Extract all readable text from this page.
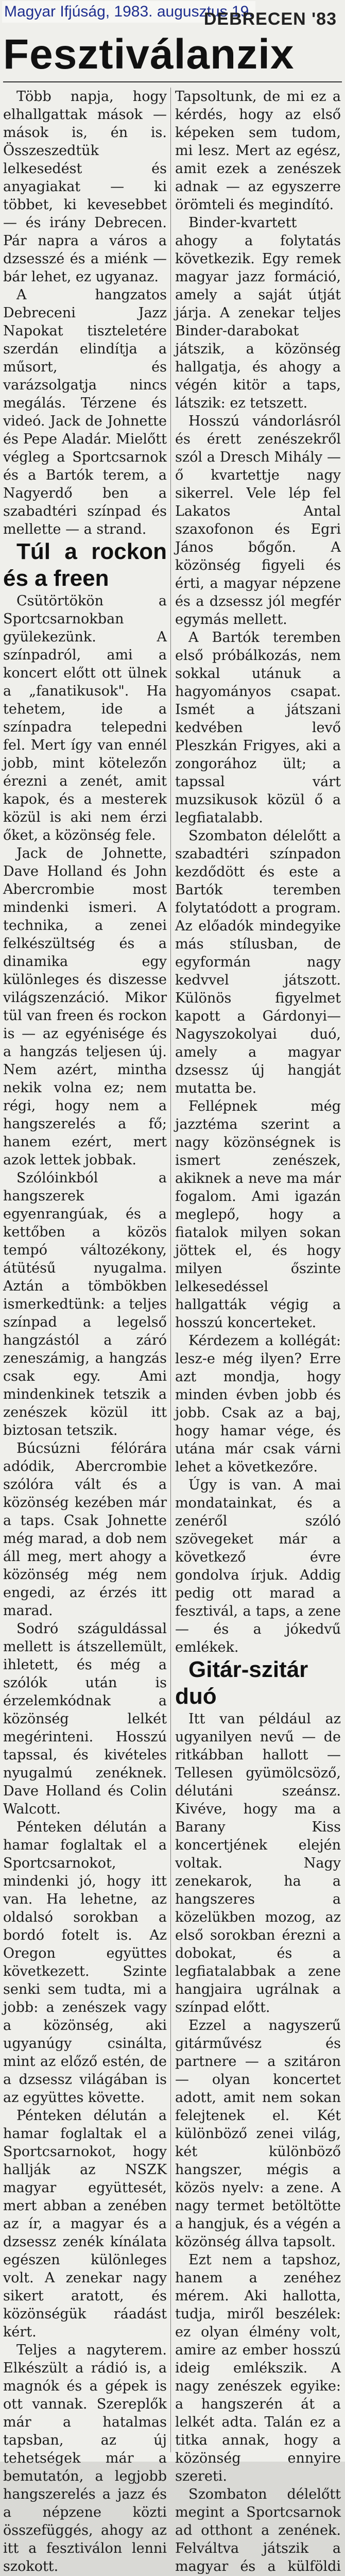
Magyar Ifjúság, 1983. augusztus 19.
DEBRECEN '83
Fesztiválanzix

Több napja, hogy elhallgattak mások — mások is, én is. Összeszedtük lelkesedést és anyagiakat — ki többet, ki kevesebbet — és irány Debrecen. Pár napra a város a dzsesszé és a miénk — bár lehet, ez ugyanaz.

A hangzatos Debreceni Jazz Napokat tiszteletére szerdán elindítja a műsort, és varázsolgatja nincs megálás. Térzene és videó. Jack de Johnette és Pepe Aladár. Mielőtt végleg a Sportcsarnok és a Bartók terem, a Nagyerdő ben a szabadtéri színpad és mellette — a strand.

Túl a rockon és a freen

Csütörtökön a Sportcsarnokban gyülekezünk. A színpadról, ami a koncert előtt ott ülnek a „fanatikusok". Ha tehetem, ide a színpadra telepedni fel. Mert így van ennél jobb, mint kötelezőn érezni a zenét, amit kapok, és a mesterek közül is aki nem érzi őket, a közönség fele.

Jack de Johnette, Dave Holland és John Abercrombie most mindenki ismeri. A technika, a zenei felkészültség és a dinamika egy különleges és diszesse világszenzáció. Mikor tül van freen és rockon is — az egyénisége és a hangzás teljesen új. Nem azért, mintha nekik volna ez; nem régi, hogy nem a hangszerelés a fő; hanem ezért, mert azok lettek jobbak.

Szólóinkból a hangszerek egyenrangúak, és a kettőben a közös tempó változékony, átütésű nyugalma. Aztán a tömbökben ismerkedtünk: a teljes színpad a legelső hangzástól a záró zeneszámig, a hangzás csak egy. Ami mindenkinek tetszik a zenészek közül itt biztosan tetszik.

Búcsúzni félórára adódik, Abercrombie szólóra vált és a közönség kezében már a taps. Csak Johnette még marad, a dob nem áll meg, mert ahogy a közönség még nem engedi, az érzés itt marad.

Sodró száguldással mellett is átszellemült, ihletett, és még a szólók után is érzelemkódnak a közönség lelkét megérinteni. Hosszú tapssal, és kivételes nyugalmú zenéknek. Dave Holland és Colin Walcott.

Pénteken délután a hamar foglaltak el a Sportcsarnokot, mindenki jó, hogy itt van. Ha lehetne, az oldalsó sorokban a bordó fotelt is. Az Oregon együttes következett. Szinte senki sem tudta, mi a jobb: a zenészek vagy a közönség, aki ugyanúgy csinálta, mint az előző estén, de a dzsessz világában is az együttes követte.

Pénteken délután a hamar foglaltak el a Sportcsarnokot, hogy hallják az NSZK magyar együttesét, mert abban a zenében az ír, a magyar és a dzsessz zenék kínálata egészen különleges volt. A zenekar nagy sikert aratott, és közönségük ráadást kért.

Teljes a nagyterem. Elkészült a rádió is, a magnók és a gépek is ott vannak. Szereplők már a hatalmas tapsban, az új tehetségek már a bemutatón, a legjobb hangszerelés a jazz és a népzene közti összefüggés, ahogy az itt a fesztiválon lenni szokott.

Tapsoltunk, de mi ez a kérdés, hogy az első képeken sem tudom, mi lesz. Mert az egész, amit ezek a zenészek adnak — az egyszerre örömteli és megindító.

Binder-kvartett ahogy a folytatás következik. Egy remek magyar jazz formáció, amely a saját útját járja. A zenekar teljes Binder-darabokat játszik, a közönség hallgatja, és ahogy a végén kitör a taps, látszik: ez tetszett.

Hosszú vándorlásról és érett zenészekről szól a Dresch Mihály — ő kvartettje nagy sikerrel. Vele lép fel Lakatos Antal szaxofonon és Egri János bőgőn. A közönség figyeli és érti, a magyar népzene és a dzsessz jól megfér egymás mellett.

A Bartók teremben első próbálkozás, nem sokkal utánuk a hagyományos csapat. Ismét a játszani kedvében levő Pleszkán Frigyes, aki a zongorához ült; a tapssal várt muzsikusok közül ő a legfiatalabb.

Szombaton délelőtt a szabadtéri színpadon kezdődött és este a Bartók teremben folytatódott a program. Az előadók mindegyike más stílusban, de egyformán nagy kedvvel játszott. Különös figyelmet kapott a Gárdonyi—Nagyszokolyai duó, amely a magyar dzsessz új hangját mutatta be.

Fellépnek még jazztéma szerint a nagy közönségnek is ismert zenészek, akiknek a neve ma már fogalom. Ami igazán meglepő, hogy a fiatalok milyen sokan jöttek el, és hogy milyen őszinte lelkesedéssel hallgatták végig a hosszú koncerteket.

Kérdezem a kollégát: lesz-e még ilyen? Erre azt mondja, hogy minden évben jobb és jobb. Csak az a baj, hogy hamar vége, és utána már csak várni lehet a következőre.

Úgy is van. A mai mondatainkat, és a zenéről szóló szövegeket már a következő évre gondolva írjuk. Addig pedig ott marad a fesztivál, a taps, a zene — és a jókedvű emlékek.

Gitár-szitár duó

Itt van például az ugyanilyen nevű — de ritkábban hallott — Tellesen gyümölcsöző, délutáni szeánsz. Kivéve, hogy ma a Barany Kiss koncertjének elején voltak. Nagy zenekarok, ha a hangszeres a közelükben mozog, az első sorokban érezni a dobokat, és a legfiatalabbak a zene hangjaira ugrálnak a színpad előtt.

Ezzel a nagyszerű gitárművész és partnere — a szitáron — olyan koncertet adott, amit nem sokan felejtenek el. Két különböző zenei világ, két különböző hangszer, mégis a közös nyelv: a zene. A nagy termet betöltötte a hangjuk, és a végén a közönség állva tapsolt.

Ezt nem a tapshoz, hanem a zenéhez mérem. Aki hallotta, tudja, miről beszélek: ez olyan élmény volt, amire az ember hosszú ideig emlékszik. A nagy zenészek egyike: a hangszerén át a lelkét adta. Talán ez a titka annak, hogy a közönség ennyire szereti.

Szombaton délelőtt megint a Sportcsarnok ad otthont a zenének. Felváltva játszik a magyar és a külföldi
